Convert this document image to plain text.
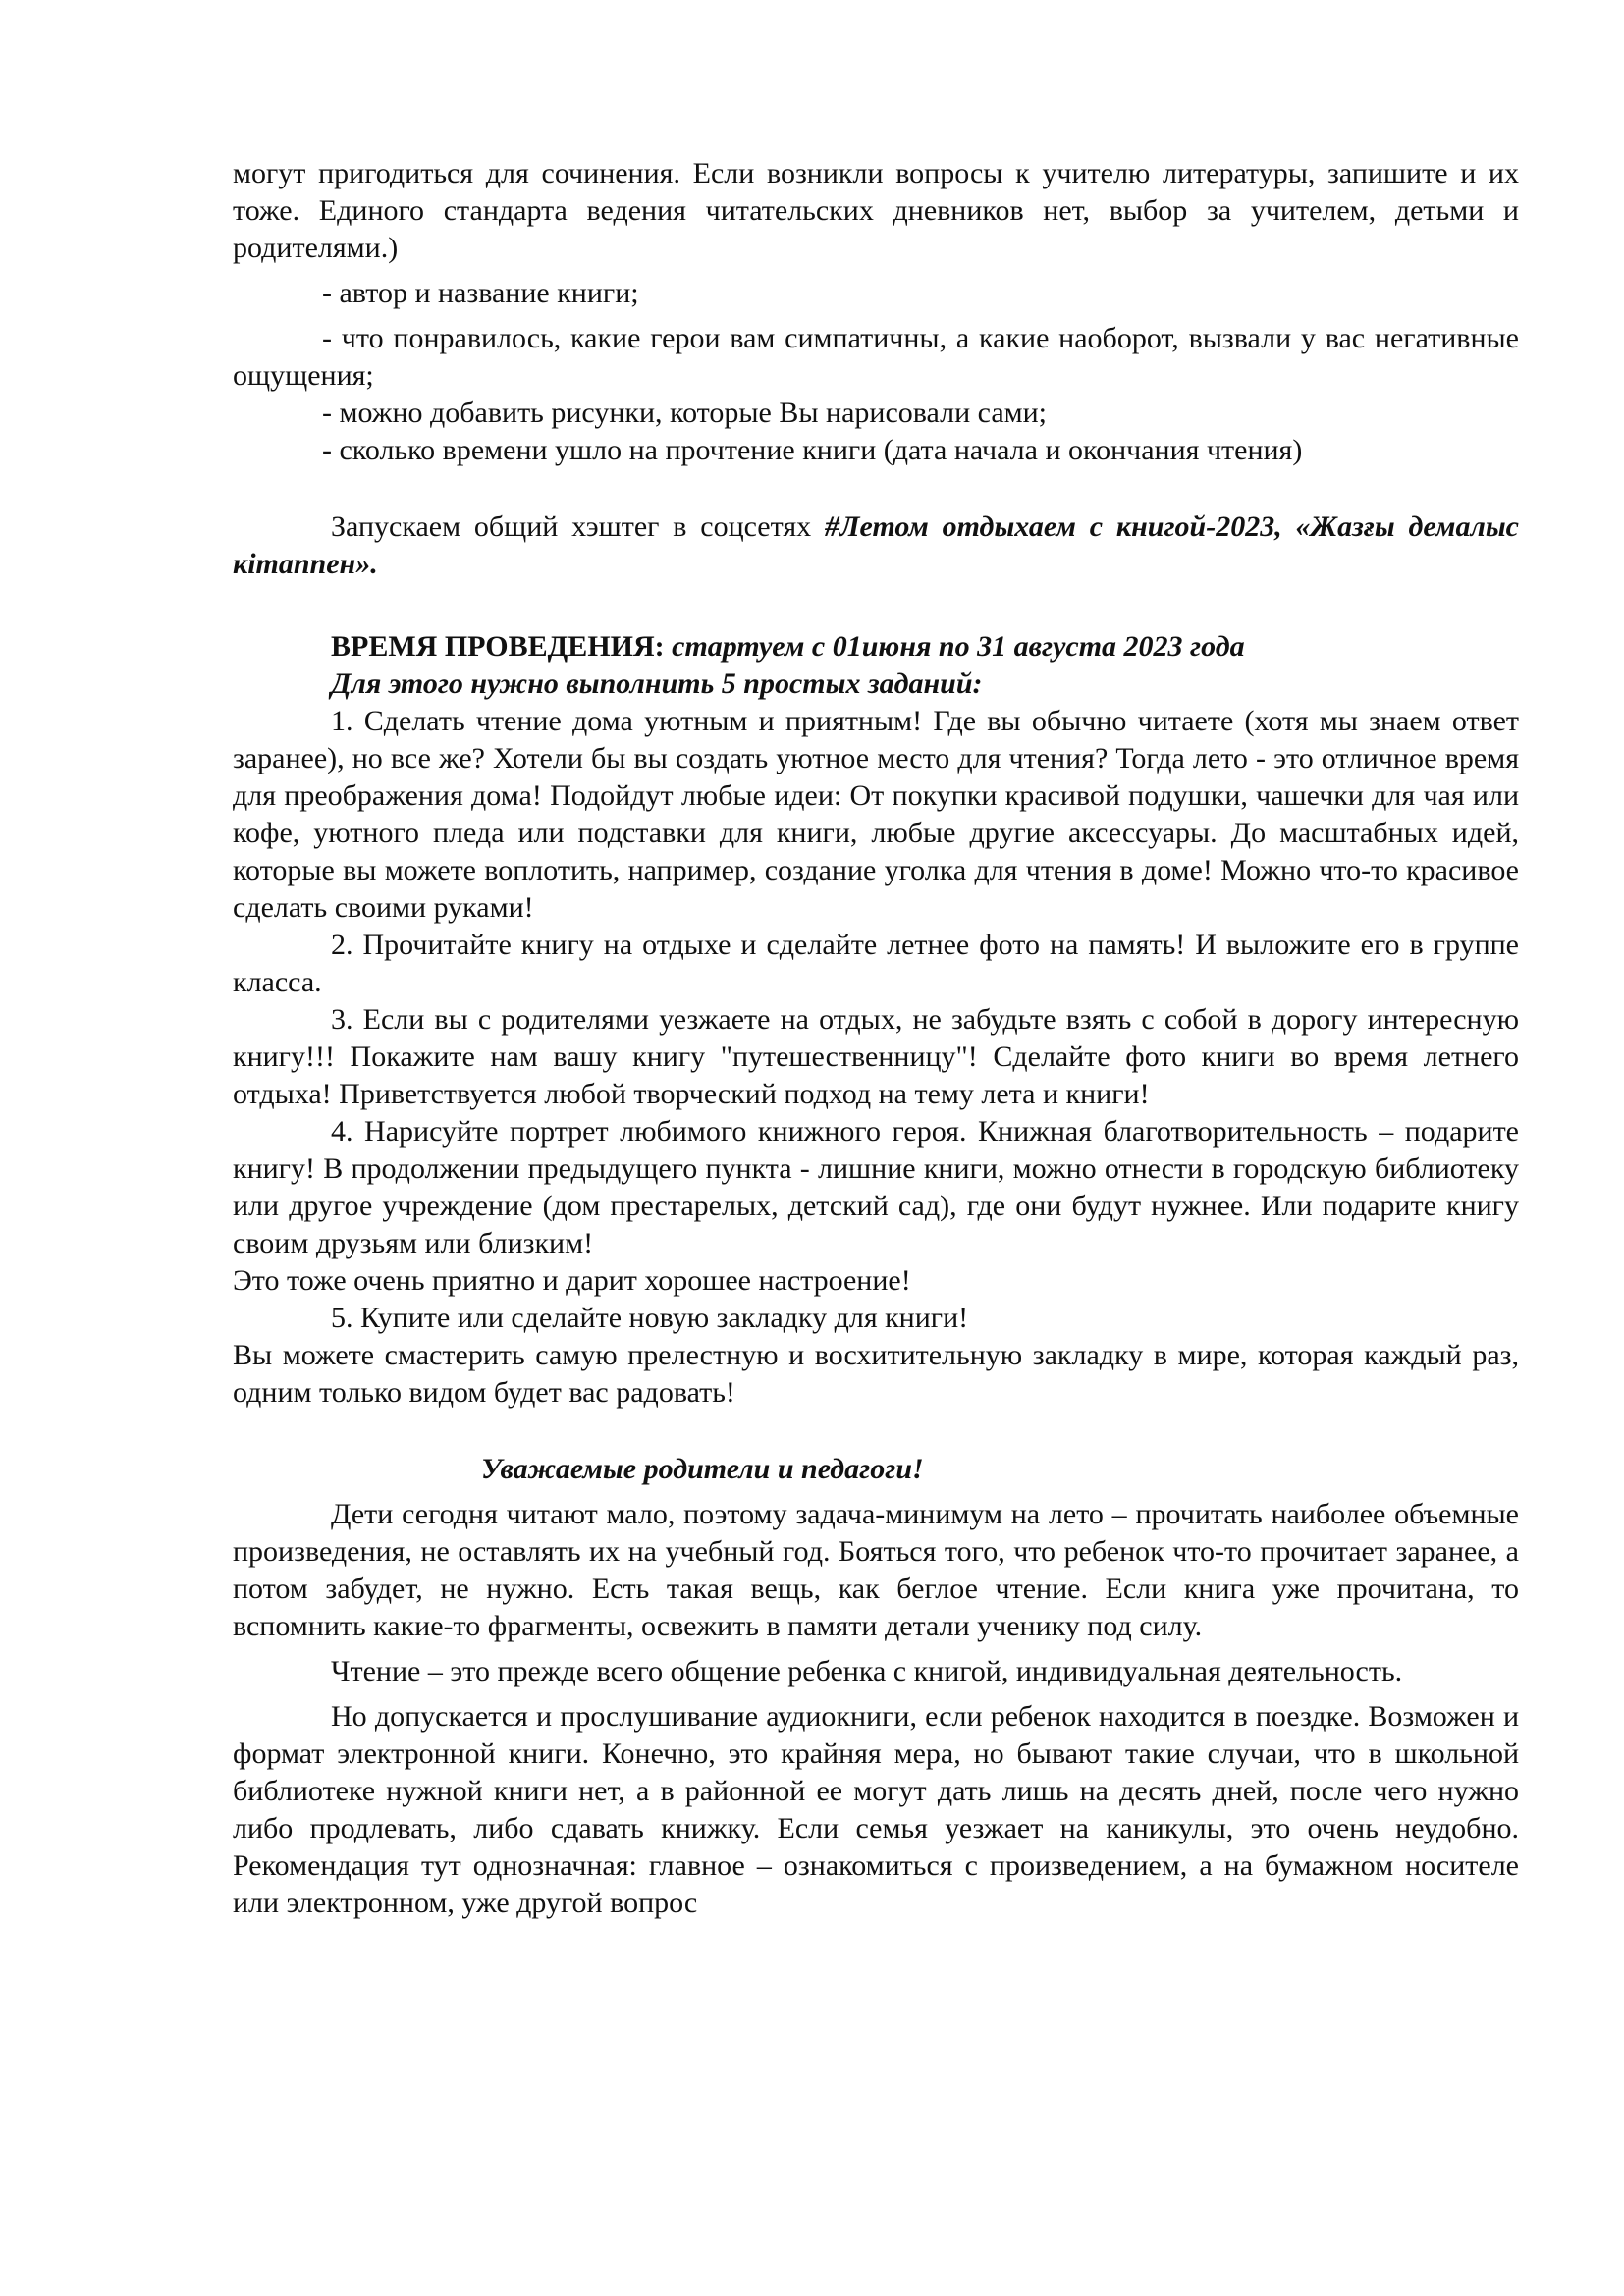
могут пригодиться для сочинения. Если возникли вопросы к учителю литературы, запишите и их тоже. Единого стандарта ведения читательских дневников нет, выбор за учителем, детьми и родителями.)

- автор и название книги;

- что понравилось, какие герои вам симпатичны, а какие наоборот, вызвали у вас негативные ощущения;

- можно добавить рисунки, которые Вы нарисовали сами;

- сколько времени ушло на прочтение книги (дата начала и окончания чтения)

Запускаем общий хэштег в соцсетях #Летом отдыхаем с книгой-2023, «Жазғы демалыс кітаппен».

ВРЕМЯ ПРОВЕДЕНИЯ: стартуем с 01июня по 31 августа 2023 года

Для этого нужно выполнить 5 простых заданий:

1. Сделать чтение дома уютным и приятным! Где вы обычно читаете (хотя мы знаем ответ заранее), но все же? Хотели бы вы создать уютное место для чтения? Тогда лето - это отличное время для преображения дома! Подойдут любые идеи: От покупки красивой подушки, чашечки для чая или кофе, уютного пледа или подставки для книги, любые другие аксессуары. До масштабных идей, которые вы можете воплотить, например, создание уголка для чтения в доме! Можно что-то красивое сделать своими руками!

2. Прочитайте книгу на отдыхе и сделайте летнее фото на память! И выложите его в группе класса.

3. Если вы с родителями уезжаете на отдых, не забудьте взять с собой в дорогу интересную книгу!!! Покажите нам вашу книгу "путешественницу"! Сделайте фото книги во время летнего отдыха! Приветствуется любой творческий подход на тему лета и книги!

4. Нарисуйте портрет любимого книжного героя. Книжная благотворительность – подарите книгу! В продолжении предыдущего пункта - лишние книги, можно отнести в городскую библиотеку или другое учреждение (дом престарелых, детский сад), где они будут нужнее. Или подарите книгу своим друзьям или близким!

Это тоже очень приятно и дарит хорошее настроение!

5. Купите или сделайте новую закладку для книги!

Вы можете смастерить самую прелестную и восхитительную закладку в мире, которая каждый раз, одним только видом будет вас радовать!

Уважаемые родители и педагоги!

Дети сегодня читают мало, поэтому задача-минимум на лето – прочитать наиболее объемные произведения, не оставлять их на учебный год. Бояться того, что ребенок что-то прочитает заранее, а потом забудет, не нужно. Есть такая вещь, как беглое чтение. Если книга уже прочитана, то вспомнить какие-то фрагменты, освежить в памяти детали ученику под силу.

Чтение – это прежде всего общение ребенка с книгой, индивидуальная деятельность.

Но допускается и прослушивание аудиокниги, если ребенок находится в поездке. Возможен и формат электронной книги. Конечно, это крайняя мера, но бывают такие случаи, что в школьной библиотеке нужной книги нет, а в районной ее могут дать лишь на десять дней, после чего нужно либо продлевать, либо сдавать книжку. Если семья уезжает на каникулы, это очень неудобно. Рекомендация тут однозначная: главное – ознакомиться с произведением, а на бумажном носителе или электронном, уже другой вопрос
